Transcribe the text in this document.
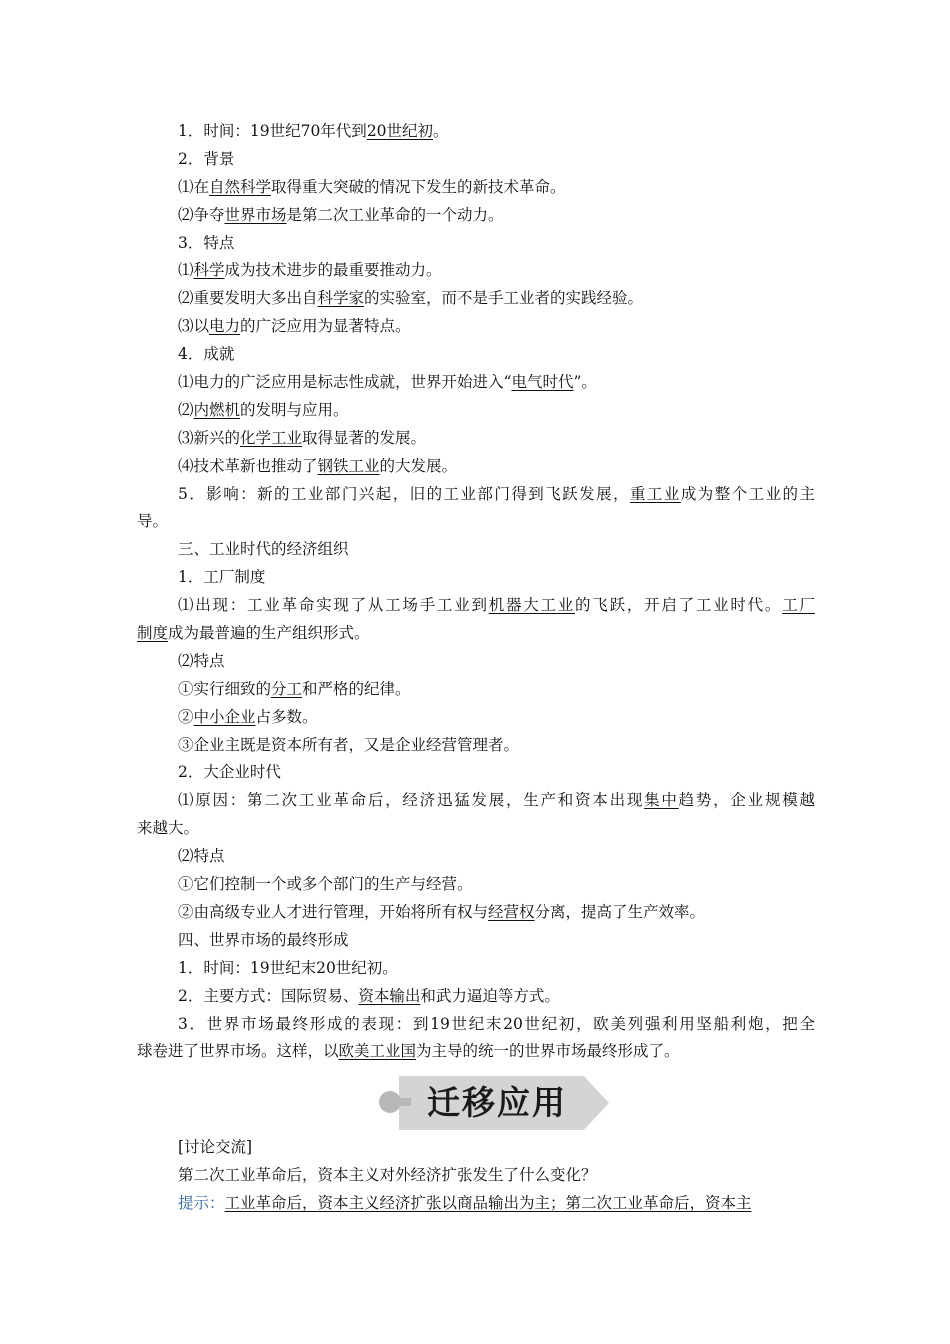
1．时间：19世纪70年代到20世纪初。
2．背景
⑴在自然科学取得重大突破的情况下发生的新技术革命。
⑵争夺世界市场是第二次工业革命的一个动力。
3．特点
⑴科学成为技术进步的最重要推动力。
⑵重要发明大多出自科学家的实验室，而不是手工业者的实践经验。
⑶以电力的广泛应用为显著特点。
4．成就
⑴电力的广泛应用是标志性成就，世界开始进入“电气时代”。
⑵内燃机的发明与应用。
⑶新兴的化学工业取得显著的发展。
⑷技术革新也推动了钢铁工业的大发展。
5．影响：新的工业部门兴起，旧的工业部门得到飞跃发展，重工业成为整个工业的主
导。
三、工业时代的经济组织
1．工厂制度
⑴出现：工业革命实现了从工场手工业到机器大工业的飞跃，开启了工业时代。工厂
制度成为最普遍的生产组织形式。
⑵特点
①实行细致的分工和严格的纪律。
②中小企业占多数。
③企业主既是资本所有者，又是企业经营管理者。
2．大企业时代
⑴原因：第二次工业革命后，经济迅猛发展，生产和资本出现集中趋势，企业规模越
来越大。
⑵特点
①它们控制一个或多个部门的生产与经营。
②由高级专业人才进行管理，开始将所有权与经营权分离，提高了生产效率。
四、世界市场的最终形成
1．时间：19世纪末20世纪初。
2．主要方式：国际贸易、资本输出和武力逼迫等方式。
3．世界市场最终形成的表现：到19世纪末20世纪初，欧美列强利用坚船利炮，把全
球卷进了世界市场。这样，以欧美工业国为主导的统一的世界市场最终形成了。
迁移应用
[讨论交流]
第二次工业革命后，资本主义对外经济扩张发生了什么变化？
提示：工业革命后，资本主义经济扩张以商品输出为主；第二次工业革命后，资本主
